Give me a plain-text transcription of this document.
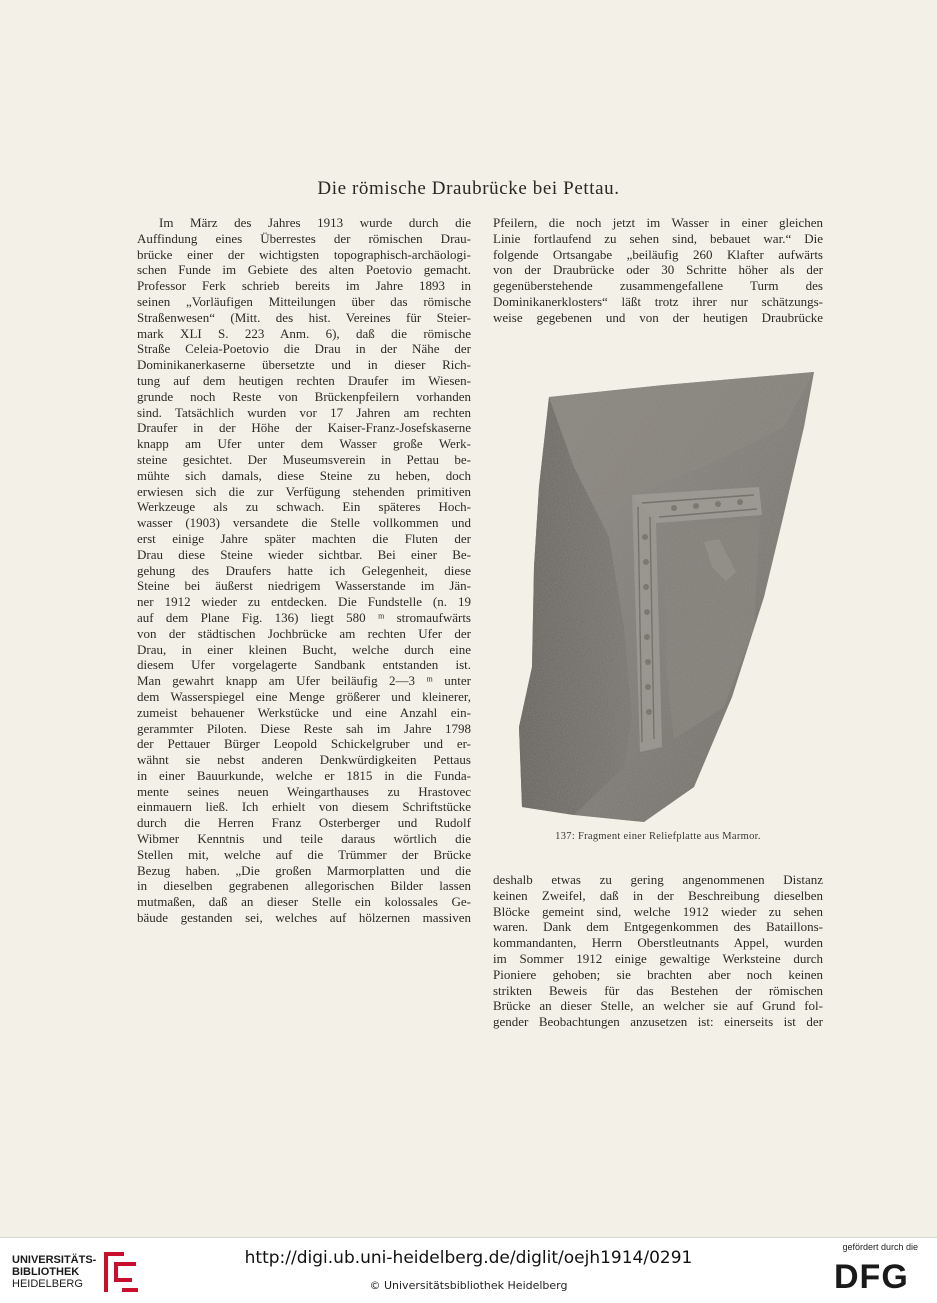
Die römische Draubrücke bei Pettau.
Im März des Jahres 1913 wurde durch die
Auffindung eines Überrestes der römischen Drau-
brücke einer der wichtigsten topographisch-archäologi-
schen Funde im Gebiete des alten Poetovio gemacht.
Professor Ferk schrieb bereits im Jahre 1893 in
seinen „Vorläufigen Mitteilungen über das römische
Straßenwesen“ (Mitt. des hist. Vereines für Steier-
mark XLI S. 223 Anm. 6), daß die römische
Straße Celeia-Poetovio die Drau in der Nähe der
Dominikanerkaserne übersetzte und in dieser Rich-
tung auf dem heutigen rechten Draufer im Wiesen-
grunde noch Reste von Brückenpfeilern vorhanden
sind. Tatsächlich wurden vor 17 Jahren am rechten
Draufer in der Höhe der Kaiser-Franz-Josefskaserne
knapp am Ufer unter dem Wasser große Werk-
steine gesichtet. Der Museumsverein in Pettau be-
mühte sich damals, diese Steine zu heben, doch
erwiesen sich die zur Verfügung stehenden primitiven
Werkzeuge als zu schwach. Ein späteres Hoch-
wasser (1903) versandete die Stelle vollkommen und
erst einige Jahre später machten die Fluten der
Drau diese Steine wieder sichtbar. Bei einer Be-
gehung des Draufers hatte ich Gelegenheit, diese
Steine bei äußerst niedrigem Wasserstande im Jän-
ner 1912 wieder zu entdecken. Die Fundstelle (n. 19
auf dem Plane Fig. 136) liegt 580 ᵐ stromaufwärts
von der städtischen Jochbrücke am rechten Ufer der
Drau, in einer kleinen Bucht, welche durch eine
diesem Ufer vorgelagerte Sandbank entstanden ist.
Man gewahrt knapp am Ufer beiläufig 2—3 ᵐ unter
dem Wasserspiegel eine Menge größerer und kleinerer,
zumeist behauener Werkstücke und eine Anzahl ein-
gerammter Piloten. Diese Reste sah im Jahre 1798
der Pettauer Bürger Leopold Schickelgruber und er-
wähnt sie nebst anderen Denkwürdigkeiten Pettaus
in einer Bauurkunde, welche er 1815 in die Funda-
mente seines neuen Weingarthauses zu Hrastovec
einmauern ließ. Ich erhielt von diesem Schriftstücke
durch die Herren Franz Osterberger und Rudolf
Wibmer Kenntnis und teile daraus wörtlich die
Stellen mit, welche auf die Trümmer der Brücke
Bezug haben. „Die großen Marmorplatten und die
in dieselben gegrabenen allegorischen Bilder lassen
mutmaßen, daß an dieser Stelle ein kolossales Ge-
bäude gestanden sei, welches auf hölzernen massiven
Pfeilern, die noch jetzt im Wasser in einer gleichen
Linie fortlaufend zu sehen sind, bebauet war.“ Die
folgende Ortsangabe „beiläufig 260 Klafter aufwärts
von der Draubrücke oder 30 Schritte höher als der
gegenüberstehende zusammengefallene Turm des
Dominikanerklosters“ läßt trotz ihrer nur schätzungs-
weise gegebenen und von der heutigen Draubrücke
137: Fragment einer Reliefplatte aus Marmor.
deshalb etwas zu gering angenommenen Distanz
keinen Zweifel, daß in der Beschreibung dieselben
Blöcke gemeint sind, welche 1912 wieder zu sehen
waren. Dank dem Entgegenkommen des Bataillons-
kommandanten, Herrn Oberstleutnants Appel, wurden
im Sommer 1912 einige gewaltige Werksteine durch
Pioniere gehoben; sie brachten aber noch keinen
strikten Beweis für das Bestehen der römischen
Brücke an dieser Stelle, an welcher sie auf Grund fol-
gender Beobachtungen anzusetzen ist: einerseits ist der
UNIVERSITÄTS-
BIBLIOTHEK
HEIDELBERG
http://digi.ub.uni-heidelberg.de/diglit/oejh1914/0291
© Universitätsbibliothek Heidelberg
gefördert durch die
DFG
